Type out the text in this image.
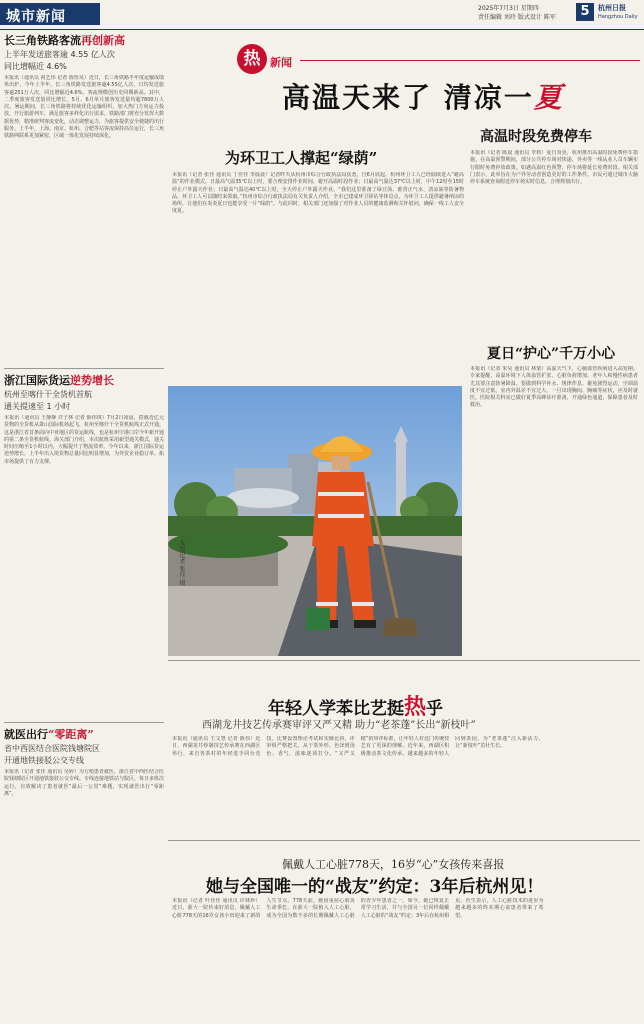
城市新闻
2025年7月3日 星期四
责任编辑 刘玲 版式设计 陈军	5	杭州日报
Hangzhou Daily
长三角铁路客流再创新高
上半年发送旅客逾 4.55 亿人次
同比增幅近 4.6%
本报讯（通讯员 祝艺伟 记者 陈恒昊）近日，长三角铁路半年度运输成绩单出炉。今年上半年，长三角铁路发送旅客逾4.55亿人次，日均发送旅客逾251万人次，同比增幅近4.6%，客流规模创历史同期新高。其中，二季度旅客发送量同比增长，5月、6月单月旅客发送量均超7800万人次。暑运期间，长三角铁路将持续优化运输组织，加大热门方向运力投放，开行旅游列车，满足旅客多样化出行需求。铁路部门将充分发挥大数据优势，精准研判客流变化，动态调整运力，为旅客提供安全便捷的出行服务。上半年，上海、南京、杭州、合肥等站客流保持高位运行，长三角铁路网联系更加紧密，区域一体化发展持续深化。
浙江国际货运逆势增长
杭州至喀什干全货机首航
通关提速至 1 小时
本报讯（通讯员 王静静 许子林 记者 陈伟琪）7月2日凌晨，搭载近亿元货物的全货机从萧山国际机场起飞，杭州至喀什干全货机航线正式开通。这是浙江省首条面向中亚地区的货运航线，也是杭州空港口岸今年新开通的第二条全货机航线。海关部门介绍，本次航班采用新型通关模式，通关时间压缩至1小时以内，大幅提升了物流效率。今年以来，浙江国际货运逆势增长，上半年出入境货物总量同比明显增加，为外贸企业稳订单、拓市场提供了有力支撑。
就医出行“零距离”
省中西医结合医院钱塘院区
开通地铁接驳公交专线
本报讯（记者 张佳 通讯员 吴婷）为方便患者就医，浙江省中西医结合医院钱塘院区开通地铁接驳公交专线。专线连接地铁站与院区，每日多班次运行，有效解决了患者就医“最后一公里”难题，实现就医出行“零距离”。
热 新闻
高温天来了 清凉一夏
为环卫工人撑起“绿荫”
本报讯（记者 张佳 通讯员 丁佳佳 李晨晨）记者昨天从杭州市综合行政执法局获悉，自6月底起，杭州环卫工人已经陆续进入“避高温”的作业模式。日最高气温35℃以上时，要合理安排作业时间，避开高温时段作业；日最高气温达37℃以上时，中午12时至15时停止户外露天作业；日最高气温达40℃以上时，全天停止户外露天作业。“我们这里准备了绿豆汤、藿香正气水、清凉油等防暑物品，环卫工人可以随时来领取。”杭州市综合行政执法局有关负责人介绍，全市已建成环卫驿站等休息点，为环卫工人提供避暑纳凉的场所，让他们在炎炎夏日也能享受一片“绿荫”。与此同时，相关部门还加强了对作业人员的健康监测和关怀慰问，确保一线工人安全度夏。
高温时段免费停车
本报讯（记者 陈晨 通讯员 李莉）夏日炎炎，杭州推出高温时段免费停车措施。在高温预警期间，部分公共停车场对快递、外卖等一线从业人员车辆实行限时免费停放政策。如遇高温红色预警，停车场将延长免费时段。相关部门表示，此举旨在为户外劳动者创造更好的工作条件。市民可通过城市大脑停车系统查询附近停车场实时信息，合理规划出行。
夏日“护心”千万小心
本报讯（记者 朱昊 通讯员 林蒙）高温天气下，心脑血管疾病进入高发期。专家提醒，高温环境下人体血管扩张，心脏负荷增加，老年人和慢性病患者尤其要注意防暑降温。要做到科学补水、规律作息、避免剧烈运动，空调温度不宜过低，室内外温差不宜过大。一旦出现胸闷、胸痛等症状，应及时就医。医院相关科室已做好夏季高峰诊疗准备，开通绿色通道，保障患者及时救治。
本报记者 张佳 摄
年轻人学苯比艺挺热乎
西湖龙井技艺传承赛审评又严又精 助力“老茶蓬”长出“新枝叶”
本报讯（通讯员 王文慧 记者 陈伟）近日，西湖龙井炒制技艺传承赛在西湖区举行，来自各茶村的年轻选手同台竞技。比赛设置理论考试和实操比拼，评审组严格把关，从干茶外形、色泽到汤色、香气、滋味逐项打分。“又严又精”的审评标准，让年轻人对这门传统技艺有了更深的理解。近年来，西湖区积极推动茶文化传承，越来越多的年轻人回到茶园，为“老茶蓬”注入新活力，让“新枝叶”茁壮生长。
佩戴人工心脏778天，16岁“心”女孩传来喜报
她与全国唯一的“战友”约定：3年后杭州见！
本报讯（记者 叶佳佳 通讯员 许林珍）近日，浙大一院传来好消息，佩戴人工心脏778天的16岁女孩小田迎来了新的人生节点。778天前，她因重症心肌炎生命垂危，在浙大一院植入人工心脏，成为全国为数不多的长期佩戴人工心脏的青少年患者之一。如今，她已恢复正常学习生活，并与全国另一位同样佩戴人工心脏的“战友”约定：3年后在杭州相见。医生表示，人工心脏技术的进步为越来越多的终末期心衰患者带来了希望。
